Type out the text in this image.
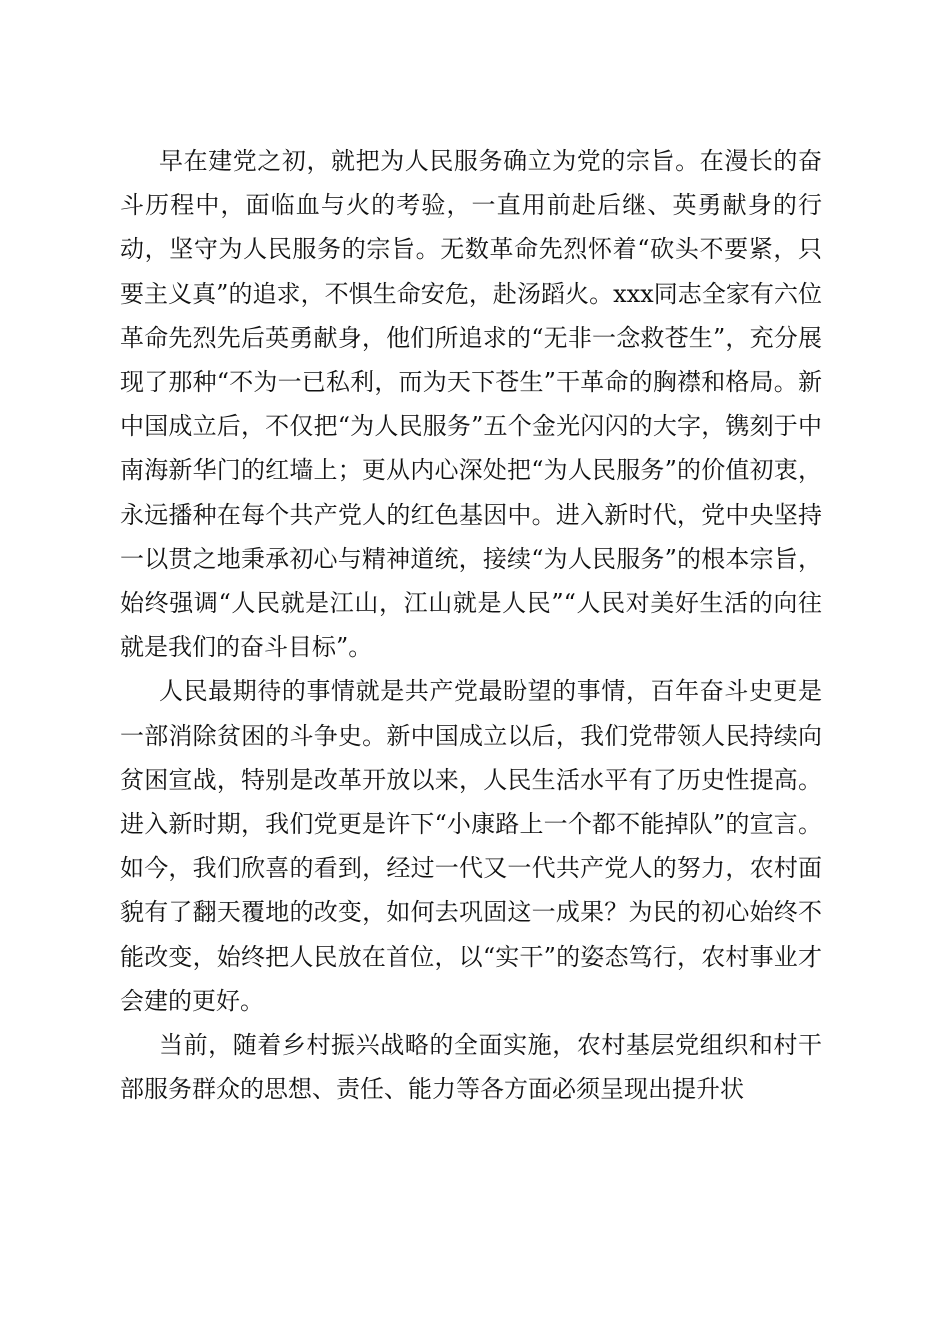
早在建党之初，就把为人民服务确立为党的宗旨。在漫长的奋斗历程中，面临血与火的考验，一直用前赴后继、英勇献身的行动，坚守为人民服务的宗旨。无数革命先烈怀着“砍头不要紧，只要主义真”的追求，不惧生命安危，赴汤蹈火。xxx同志全家有六位革命先烈先后英勇献身，他们所追求的“无非一念救苍生”，充分展现了那种“不为一已私利，而为天下苍生”干革命的胸襟和格局。新中国成立后，不仅把“为人民服务”五个金光闪闪的大字，镌刻于中南海新华门的红墙上；更从内心深处把“为人民服务”的价值初衷，永远播种在每个共产党人的红色基因中。进入新时代，党中央坚持一以贯之地秉承初心与精神道统，接续“为人民服务”的根本宗旨，始终强调“人民就是江山，江山就是人民”“人民对美好生活的向往就是我们的奋斗目标”。

人民最期待的事情就是共产党最盼望的事情，百年奋斗史更是一部消除贫困的斗争史。新中国成立以后，我们党带领人民持续向贫困宣战，特别是改革开放以来，人民生活水平有了历史性提高。进入新时期，我们党更是许下“小康路上一个都不能掉队”的宣言。如今，我们欣喜的看到，经过一代又一代共产党人的努力，农村面貌有了翻天覆地的改变，如何去巩固这一成果？为民的初心始终不能改变，始终把人民放在首位，以“实干”的姿态笃行，农村事业才会建的更好。

当前，随着乡村振兴战略的全面实施，农村基层党组织和村干部服务群众的思想、责任、能力等各方面必须呈现出提升状
